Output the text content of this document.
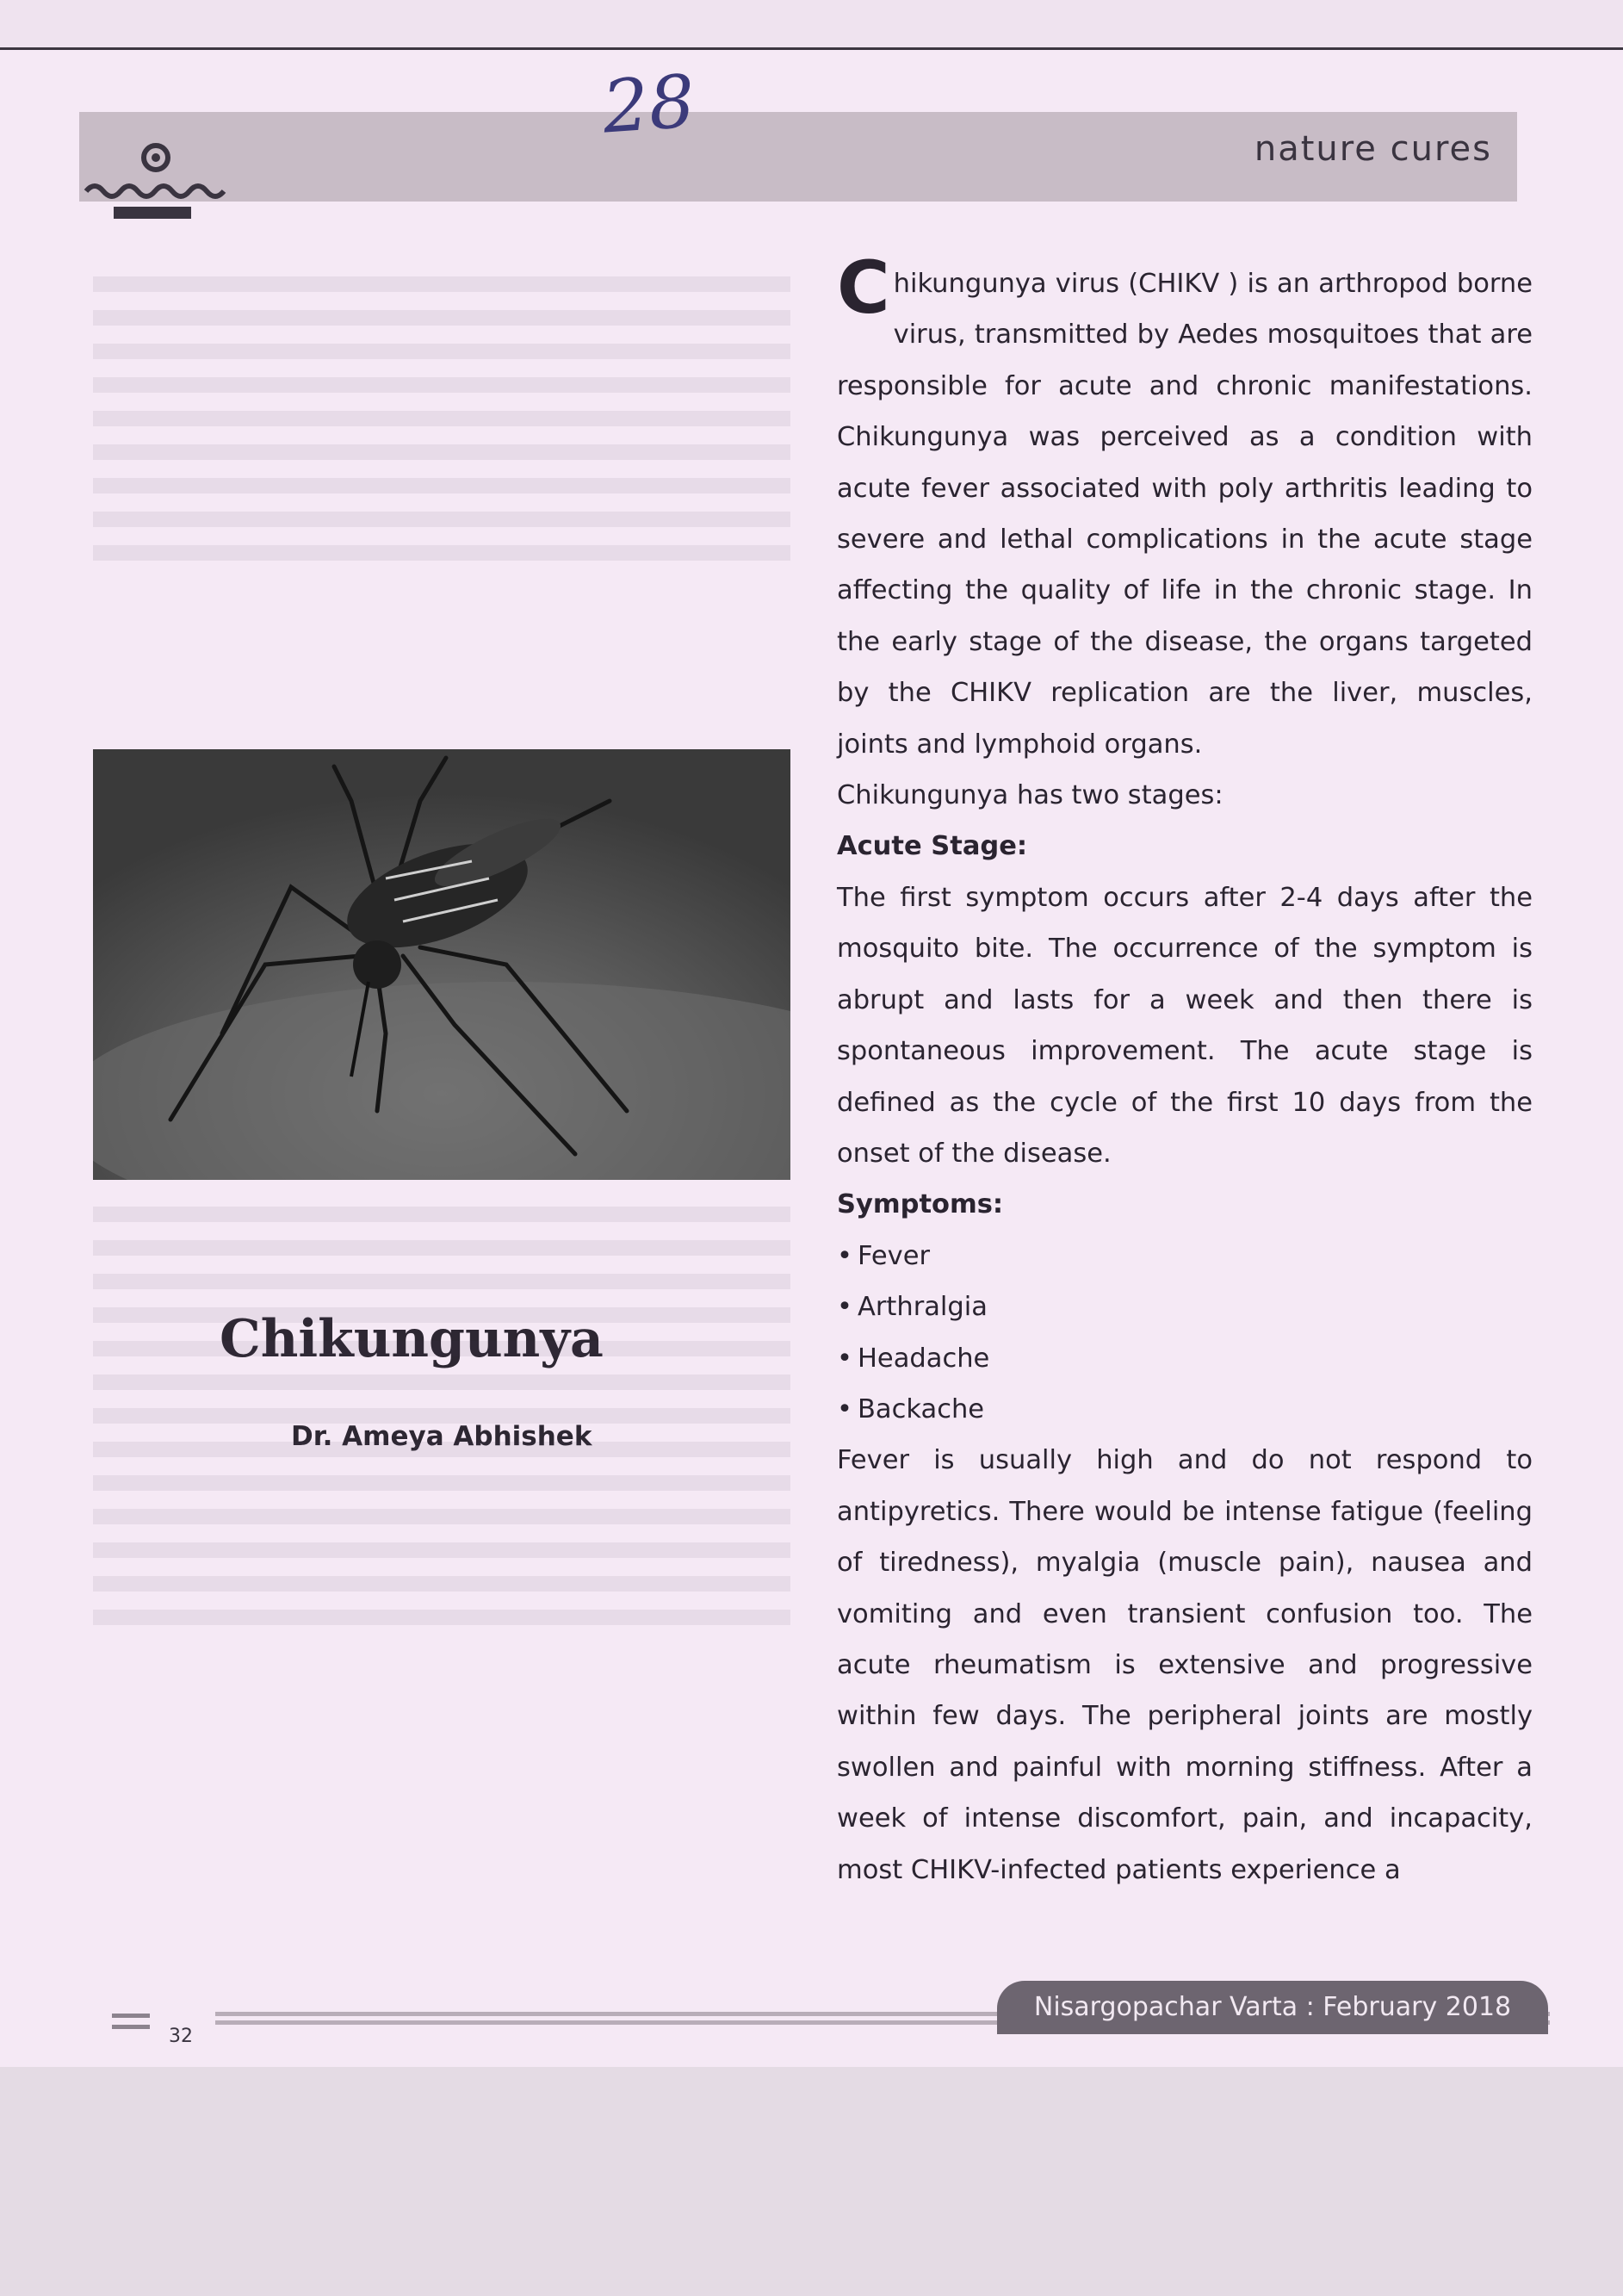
28	nature cures
Chikungunya
Dr. Ameya Abhishek

Chikungunya virus (CHIKV ) is an arthropod borne virus, transmitted by Aedes mosquitoes that are responsible for acute and chronic manifestations. Chikungunya was perceived as a condition with acute fever associated with poly arthritis leading to severe and lethal complications in the acute stage affecting the quality of life in the chronic stage. In the early stage of the disease, the organs targeted by the CHIKV replication are the liver, muscles, joints and lymphoid organs.

Chikungunya has two stages:

Acute Stage:

The first symptom occurs after 2-4 days after the mosquito bite. The occurrence of the symptom is abrupt and lasts for a week and then there is spontaneous improvement. The acute stage is defined as the cycle of the first 10 days from the onset of the disease.

Symptoms:

• Fever
• Arthralgia
• Headache
• Backache

Fever is usually high and do not respond to antipyretics. There would be intense fatigue (feeling of tiredness), myalgia (muscle pain), nausea and vomiting and even transient confusion too. The acute rheumatism is extensive and progressive within few days. The peripheral joints are mostly swollen and painful with morning stiffness. After a week of intense discomfort, pain, and incapacity, most CHIKV-infected patients experience a

32
Nisargopachar Varta : February 2018
